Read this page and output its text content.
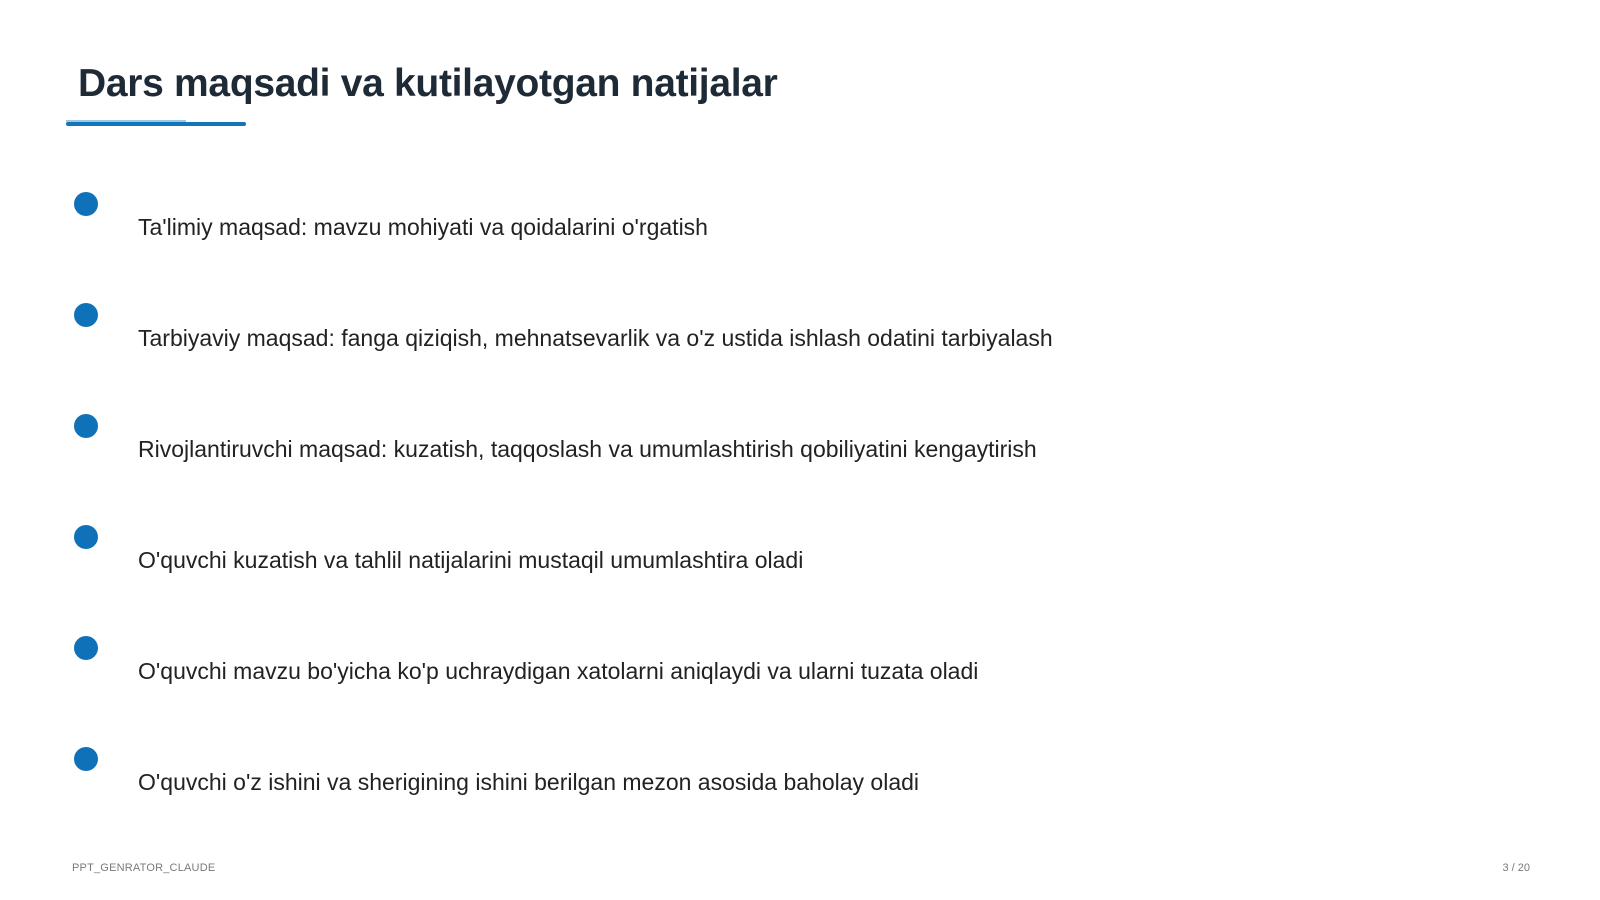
Dars maqsadi va kutilayotgan natijalar
Ta'limiy maqsad: mavzu mohiyati va qoidalarini o'rgatish
Tarbiyaviy maqsad: fanga qiziqish, mehnatsevarlik va o'z ustida ishlash odatini tarbiyalash
Rivojlantiruvchi maqsad: kuzatish, taqqoslash va umumlashtirish qobiliyatini kengaytirish
O'quvchi kuzatish va tahlil natijalarini mustaqil umumlashtira oladi
O'quvchi mavzu bo'yicha ko'p uchraydigan xatolarni aniqlaydi va ularni tuzata oladi
O'quvchi o'z ishini va sherigining ishini berilgan mezon asosida baholay oladi
PPT_GENRATOR_CLAUDE	3 / 20
